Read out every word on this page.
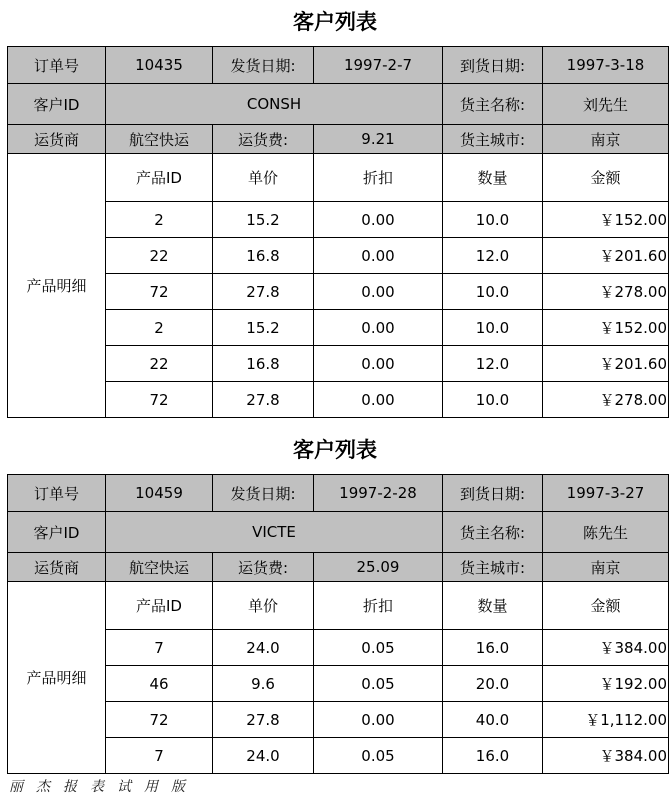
客户列表
订单号	10435	发货日期:	1997-2-7	到货日期:	1997-3-18
客户ID	CONSH			货主名称:	刘先生
运货商	航空快运	运货费:	9.21	货主城市:	南京
产品明细	产品ID	单价	折扣	数量	金额
	2	15.2	0.00	10.0	￥152.00
	22	16.8	0.00	12.0	￥201.60
	72	27.8	0.00	10.0	￥278.00
	2	15.2	0.00	10.0	￥152.00
	22	16.8	0.00	12.0	￥201.60
	72	27.8	0.00	10.0	￥278.00
客户列表
订单号	10459	发货日期:	1997-2-28	到货日期:	1997-3-27
客户ID	VICTE			货主名称:	陈先生
运货商	航空快运	运货费:	25.09	货主城市:	南京
产品明细	产品ID	单价	折扣	数量	金额
	7	24.0	0.05	16.0	￥384.00
	46	9.6	0.05	20.0	￥192.00
	72	27.8	0.00	40.0	￥1,112.00
	7	24.0	0.05	16.0	￥384.00
丽杰报表试用版
